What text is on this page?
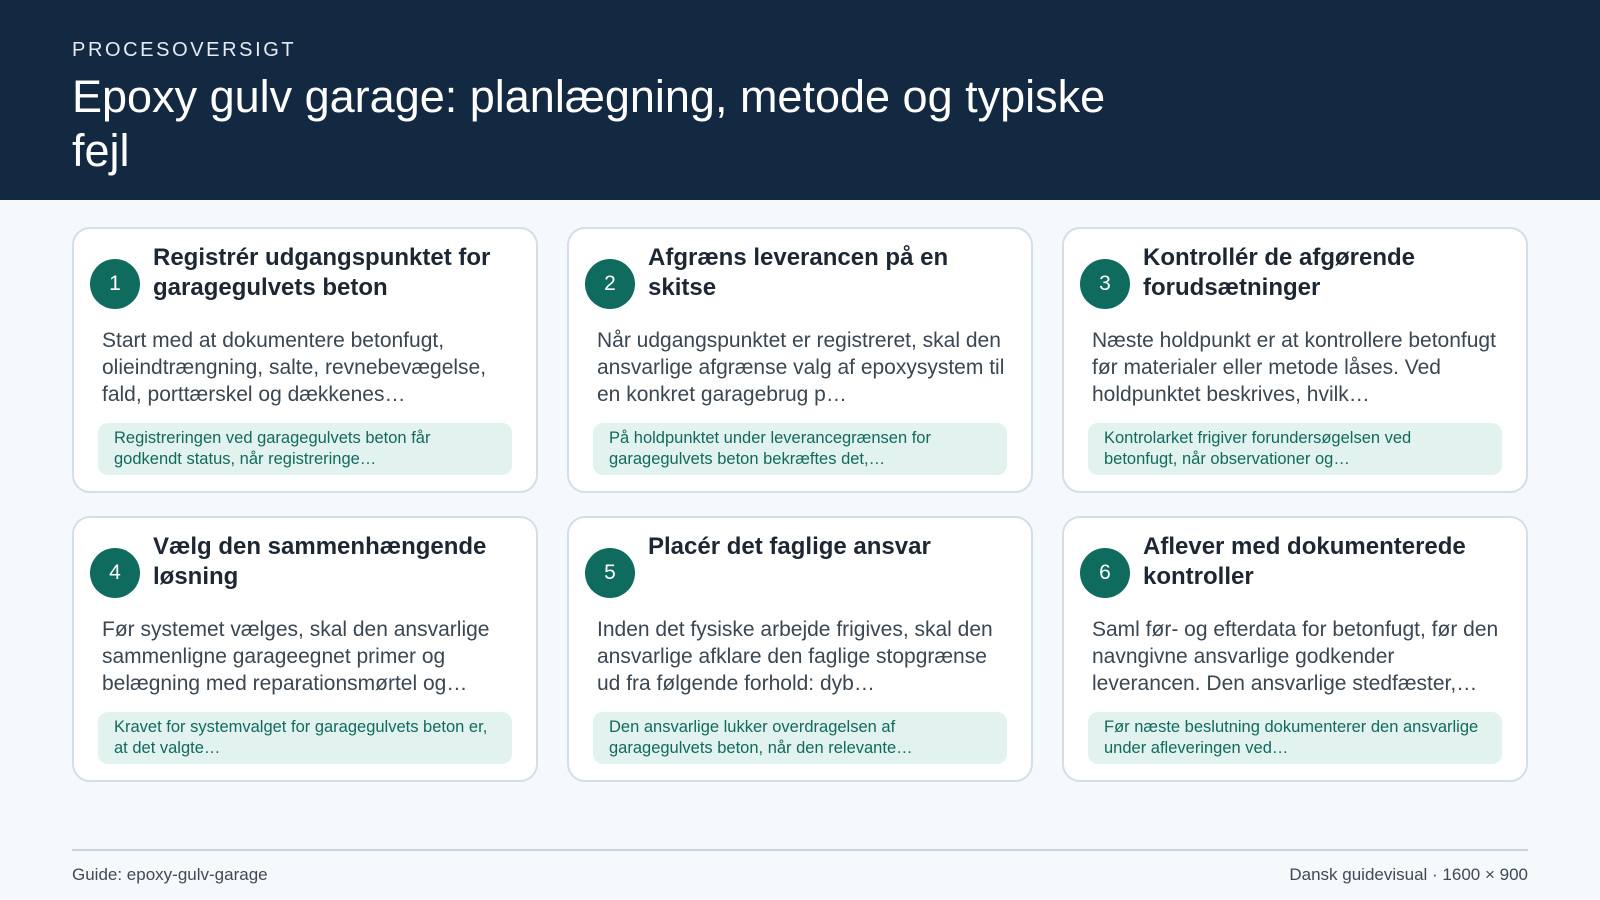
PROCESOVERSIGT
Epoxy gulv garage: planlægning, metode og typiske fejl
1
Registrér udgangspunktet for garagegulvets beton

Start med at dokumentere betonfugt, olieindtrængning, salte, revnebevægelse, fald, porttærskel og dækkenes…

Registreringen ved garagegulvets beton får godkendt status, når registreringe…
2
Afgræns leverancen på en skitse

Når udgangspunktet er registreret, skal den ansvarlige afgrænse valg af epoxysystem til en konkret garagebrug p…

På holdpunktet under leverancegrænsen for garagegulvets beton bekræftes det,…
3
Kontrollér de afgørende forudsætninger

Næste holdpunkt er at kontrollere betonfugt før materialer eller metode låses. Ved holdpunktet beskrives, hvilk…

Kontrolarket frigiver forundersøgelsen ved betonfugt, når observationer og…
4
Vælg den sammenhængende løsning

Før systemet vælges, skal den ansvarlige sammenligne garageegnet primer og belægning med reparationsmørtel og…

Kravet for systemvalget for garagegulvets beton er, at det valgte…
5
Placér det faglige ansvar

Inden det fysiske arbejde frigives, skal den ansvarlige afklare den faglige stopgrænse ud fra følgende forhold: dyb…

Den ansvarlige lukker overdragelsen af garagegulvets beton, når den relevante…
6
Aflever med dokumenterede kontroller

Saml før- og efterdata for betonfugt, før den navngivne ansvarlige godkender leverancen. Den ansvarlige stedfæster,…

Før næste beslutning dokumenterer den ansvarlige under afleveringen ved…
Guide: epoxy-gulv-garage	Dansk guidevisual · 1600 × 900
